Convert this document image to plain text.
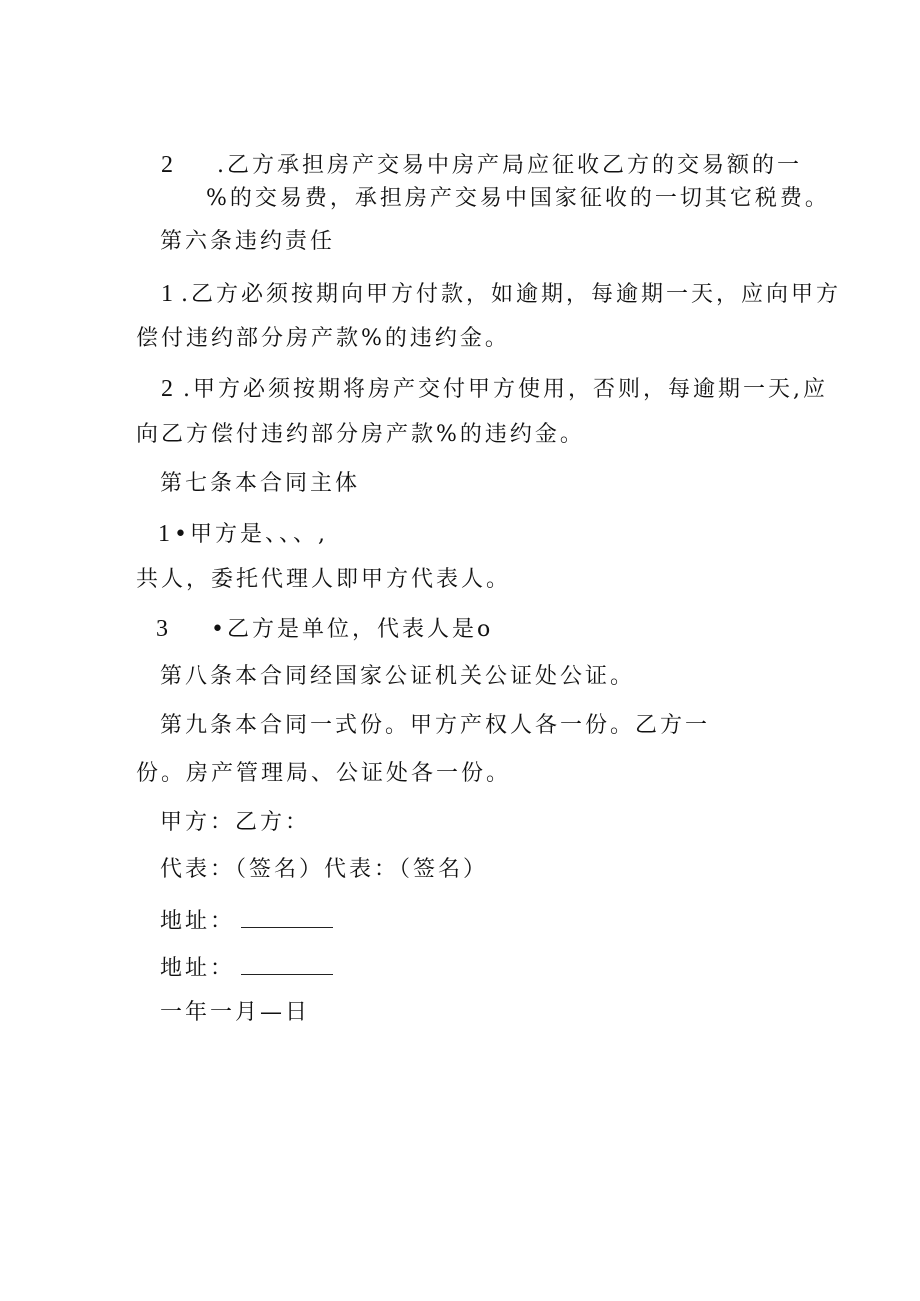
2 .乙方承担房产交易中房产局应征收乙方的交易额的一
%的交易费，承担房产交易中国家征收的一切其它税费。
第六条违约责任
1 .乙方必须按期向甲方付款，如逾期，每逾期一天，应向甲方
偿付违约部分房产款%的违约金。
2 .甲方必须按期将房产交付甲方使用，否则，每逾期一天,应
向乙方偿付违约部分房产款%的违约金。
第七条本合同主体
1•甲方是、、、,
共人，委托代理人即甲方代表人。
3 •乙方是单位，代表人是o
第八条本合同经国家公证机关公证处公证。
第九条本合同一式份。甲方产权人各一份。乙方一
份。房产管理局、公证处各一份。
甲方：乙方：
代表：（签名）代表：（签名）
地址：
地址：
一年一月—日
